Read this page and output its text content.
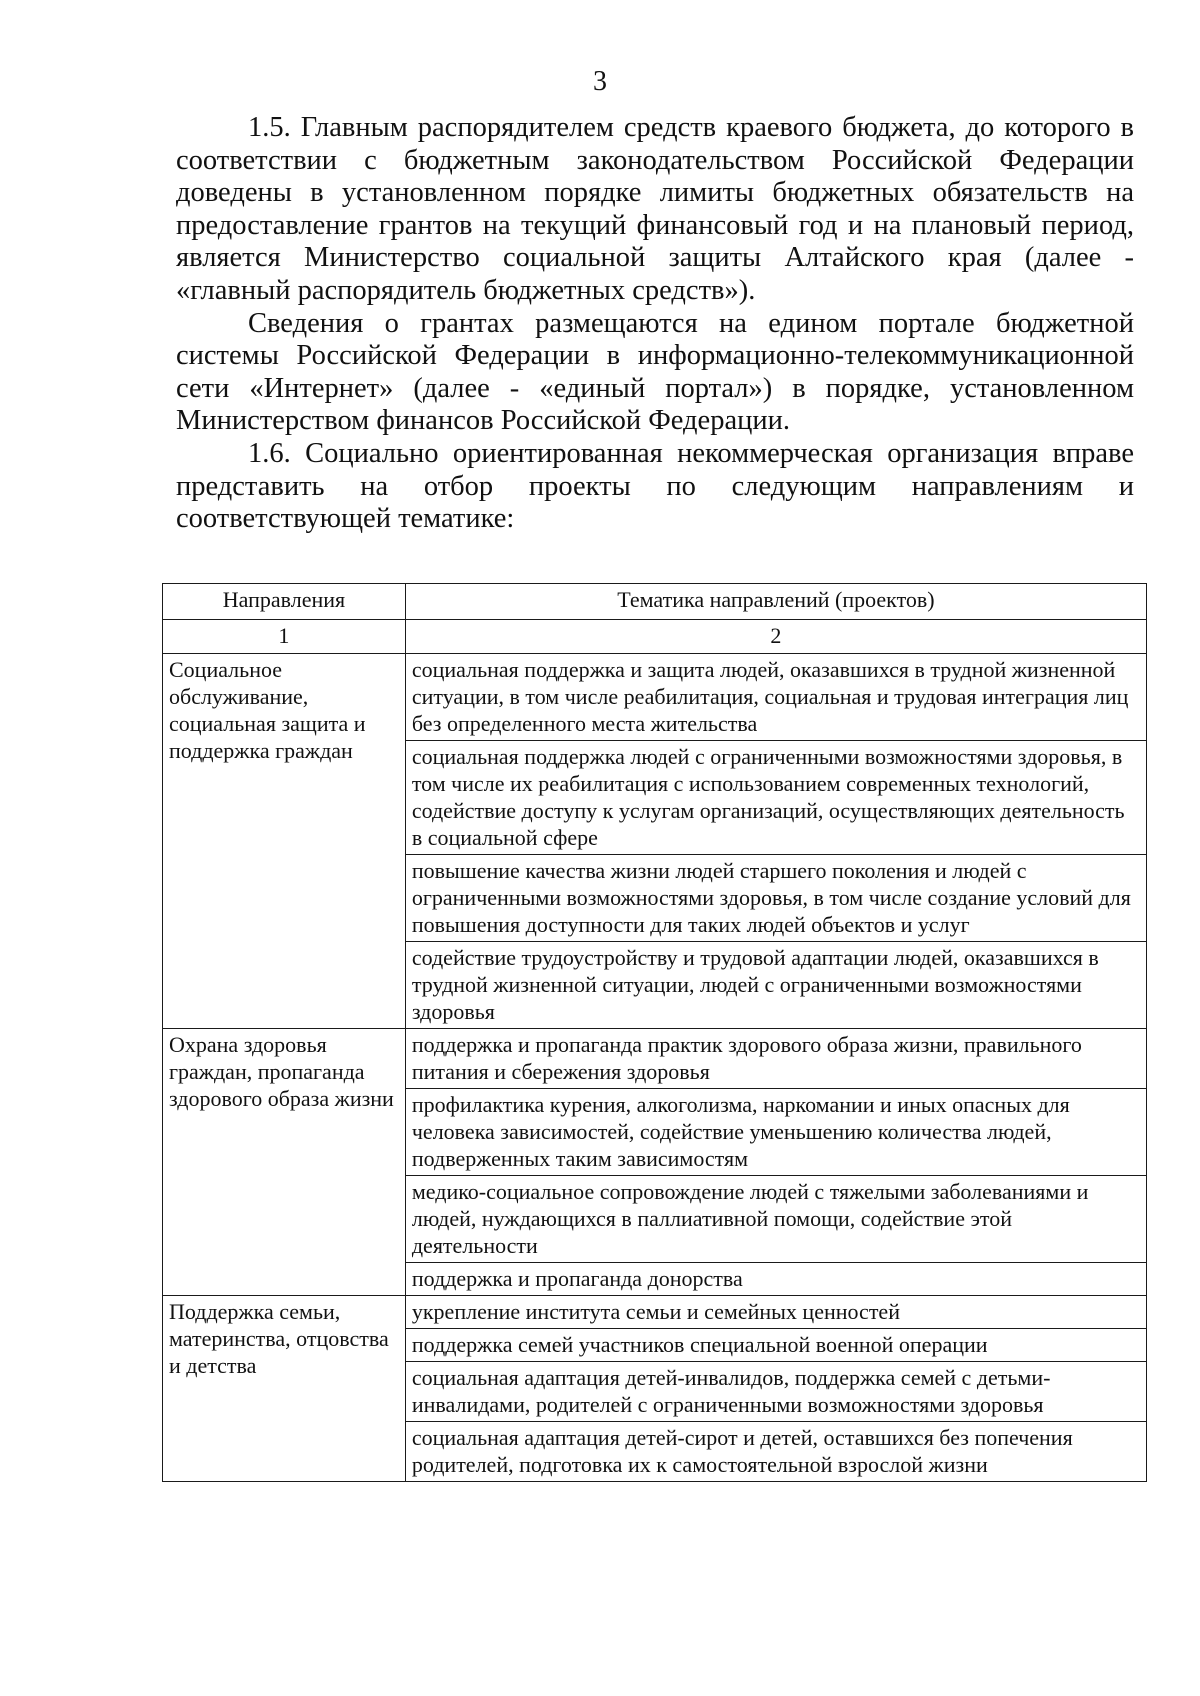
3

1.5. Главным распорядителем средств краевого бюджета, до которого в соответствии с бюджетным законодательством Российской Федерации доведены в установленном порядке лимиты бюджетных обязательств на предоставление грантов на текущий финансовый год и на плановый период, является Министерство социальной защиты Алтайского края (далее - «главный распорядитель бюджетных средств»).

Сведения о грантах размещаются на едином портале бюджетной системы Российской Федерации в информационно-телекоммуникационной сети «Интернет» (далее - «единый портал») в порядке, установленном Министерством финансов Российской Федерации.

1.6. Социально ориентированная некоммерческая организация вправе представить на отбор проекты по следующим направлениям и соответствующей тематике:

Направления	Тематика направлений (проектов)
1	2
Социальное обслуживание, социальная защита и поддержка граждан	социальная поддержка и защита людей, оказавшихся в трудной жизненной ситуации, в том числе реабилитация, социальная и трудовая интеграция лиц без определенного места жительства
	социальная поддержка людей с ограниченными возможностями здоровья, в том числе их реабилитация с использованием современных технологий, содействие доступу к услугам организаций, осуществляющих деятельность в социальной сфере
	повышение качества жизни людей старшего поколения и людей с ограниченными возможностями здоровья, в том числе создание условий для повышения доступности для таких людей объектов и услуг
	содействие трудоустройству и трудовой адаптации людей, оказавшихся в трудной жизненной ситуации, людей с ограниченными возможностями здоровья
Охрана здоровья граждан, пропаганда здорового образа жизни	поддержка и пропаганда практик здорового образа жизни, правильного питания и сбережения здоровья
	профилактика курения, алкоголизма, наркомании и иных опасных для человека зависимостей, содействие уменьшению количества людей, подверженных таким зависимостям
	медико-социальное сопровождение людей с тяжелыми заболеваниями и людей, нуждающихся в паллиативной помощи, содействие этой деятельности
	поддержка и пропаганда донорства
Поддержка семьи, материнства, отцовства и детства	укрепление института семьи и семейных ценностей
	поддержка семей участников специальной военной операции
	социальная адаптация детей-инвалидов, поддержка семей с детьми-инвалидами, родителей с ограниченными возможностями здоровья
	социальная адаптация детей-сирот и детей, оставшихся без попечения родителей, подготовка их к самостоятельной взрослой жизни
